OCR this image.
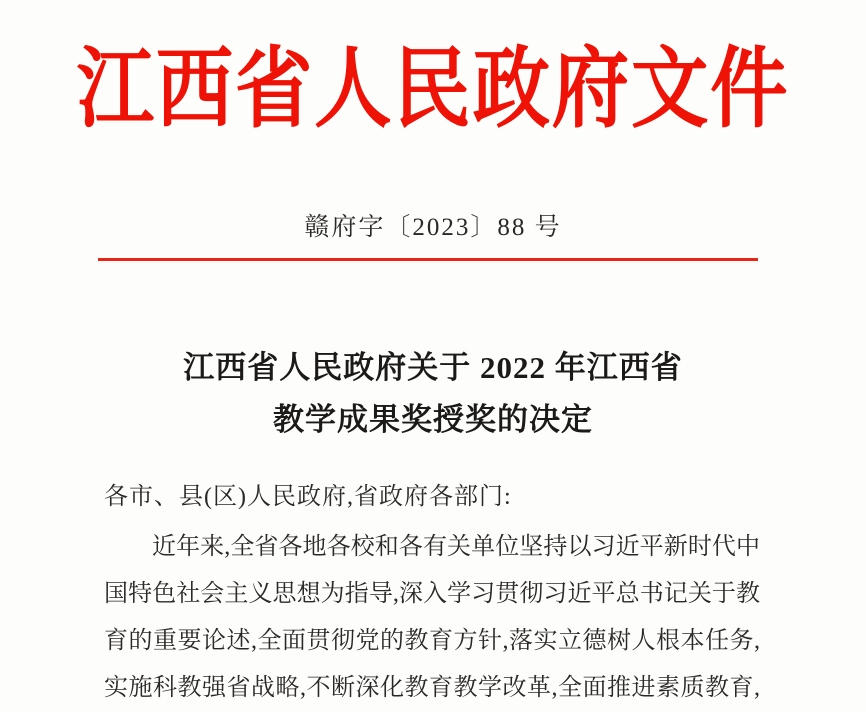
江西省人民政府文件
赣府字〔2023〕88 号
江西省人民政府关于 2022 年江西省
教学成果奖授奖的决定
各市、县(区)人民政府,省政府各部门:
近年来,全省各地各校和各有关单位坚持以习近平新时代中
国特色社会主义思想为指导,深入学习贯彻习近平总书记关于教
育的重要论述,全面贯彻党的教育方针,落实立德树人根本任务,
实施科教强省战略,不断深化教育教学改革,全面推进素质教育,
